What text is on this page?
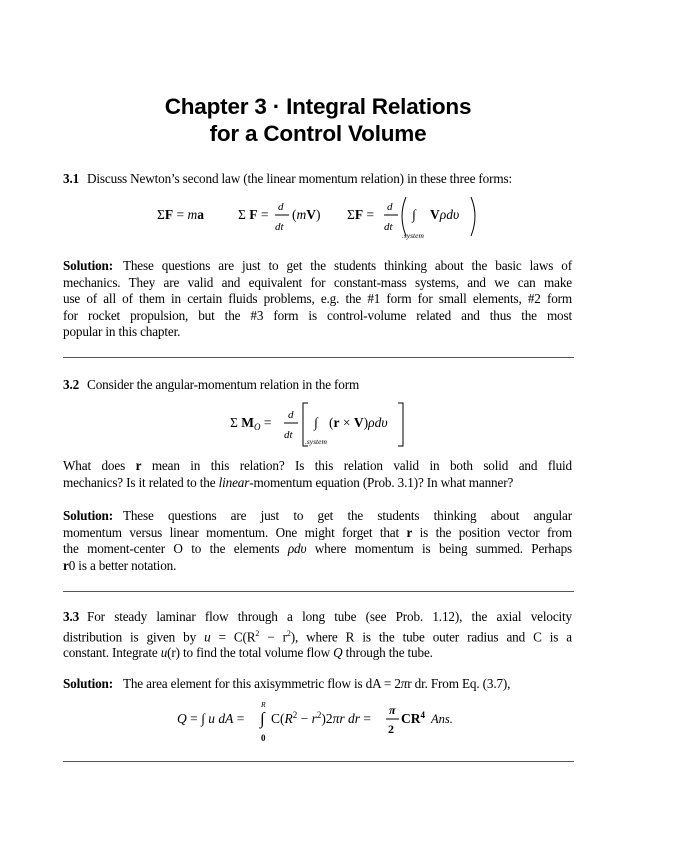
Chapter 3 · Integral Relations
for a Control Volume
3.1 Discuss Newton’s second law (the linear momentum relation) in these three forms:
ΣF = ma	Σ F = d
dt
(mV) ΣF = d
dt
∫
.system
Vρdυ
Solution: These questions are just to get the students thinking about the basic laws of
mechanics. They are valid and equivalent for constant-mass systems, and we can make
use of all of them in certain fluids problems, e.g. the #1 form for small elements, #2 form
for rocket propulsion, but the #3 form is control-volume related and thus the most
popular in this chapter.
3.2 Consider the angular-momentum relation in the form
Σ $M_O = d$
dt
∫
.system
(r × V)ρdυ
What does r mean in this relation? Is this relation valid in both solid and fluid
mechanics? Is it related to the linear-momentum equation (Prob. 3.1)? In what manner?
Solution: These questions are just to get the students thinking about angular
momentum versus linear momentum. One might forget that r is the position vector from
the moment-center O to the elements ρdυ where momentum is being summed. Perhaps
r0 is a better notation.
3.3 For steady laminar flow through a long tube (see Prob. 1.12), the axial velocity
distribution is given by $u = C(R^2 - r^2)$, where R is the tube outer radius and C is a
constant. Integrate u(r) to find the total volume flow Q through the tube.
Solution: The area element for this axisymmetric flow is dA = 2πr dr. From Eq. (3.7),
Q = ∫ u dA = ∫
R
0
$C(R^2 - r^2)2\pi r$ dr =
π
2
$CR^4$ Ans.
